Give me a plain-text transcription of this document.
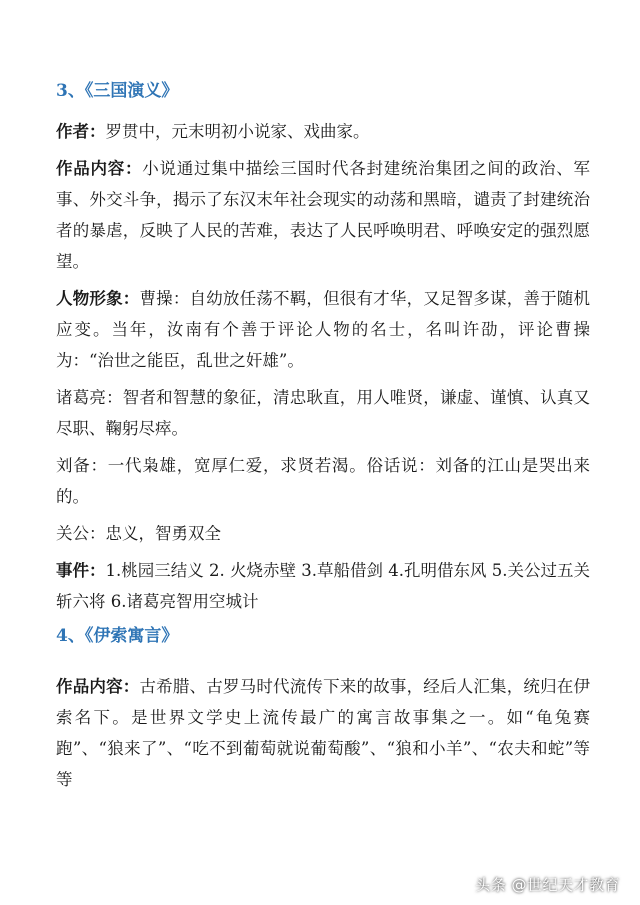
3、《三国演义》

作者：罗贯中，元末明初小说家、戏曲家。

作品内容：小说通过集中描绘三国时代各封建统治集团之间的政治、军事、外交斗争，揭示了东汉末年社会现实的动荡和黑暗，谴责了封建统治者的暴虐，反映了人民的苦难，表达了人民呼唤明君、呼唤安定的强烈愿望。

人物形象：曹操：自幼放任荡不羁，但很有才华，又足智多谋，善于随机应变。当年，汝南有个善于评论人物的名士，名叫许劭，评论曹操为：“治世之能臣，乱世之奸雄”。

诸葛亮：智者和智慧的象征，清忠耿直，用人唯贤，谦虚、谨慎、认真又尽职、鞠躬尽瘁。

刘备：一代枭雄，宽厚仁爱，求贤若渴。俗话说：刘备的江山是哭出来的。

关公：忠义，智勇双全

事件：1.桃园三结义 2. 火烧赤壁 3.草船借剑 4.孔明借东风 5.关公过五关斩六将 6.诸葛亮智用空城计

4、《伊索寓言》

作品内容：古希腊、古罗马时代流传下来的故事，经后人汇集，统归在伊索名下。是世界文学史上流传最广的寓言故事集之一。如“龟兔赛跑”、“狼来了”、“吃不到葡萄就说葡萄酸”、“狼和小羊”、“农夫和蛇”等等

头条 @世纪天才教育
